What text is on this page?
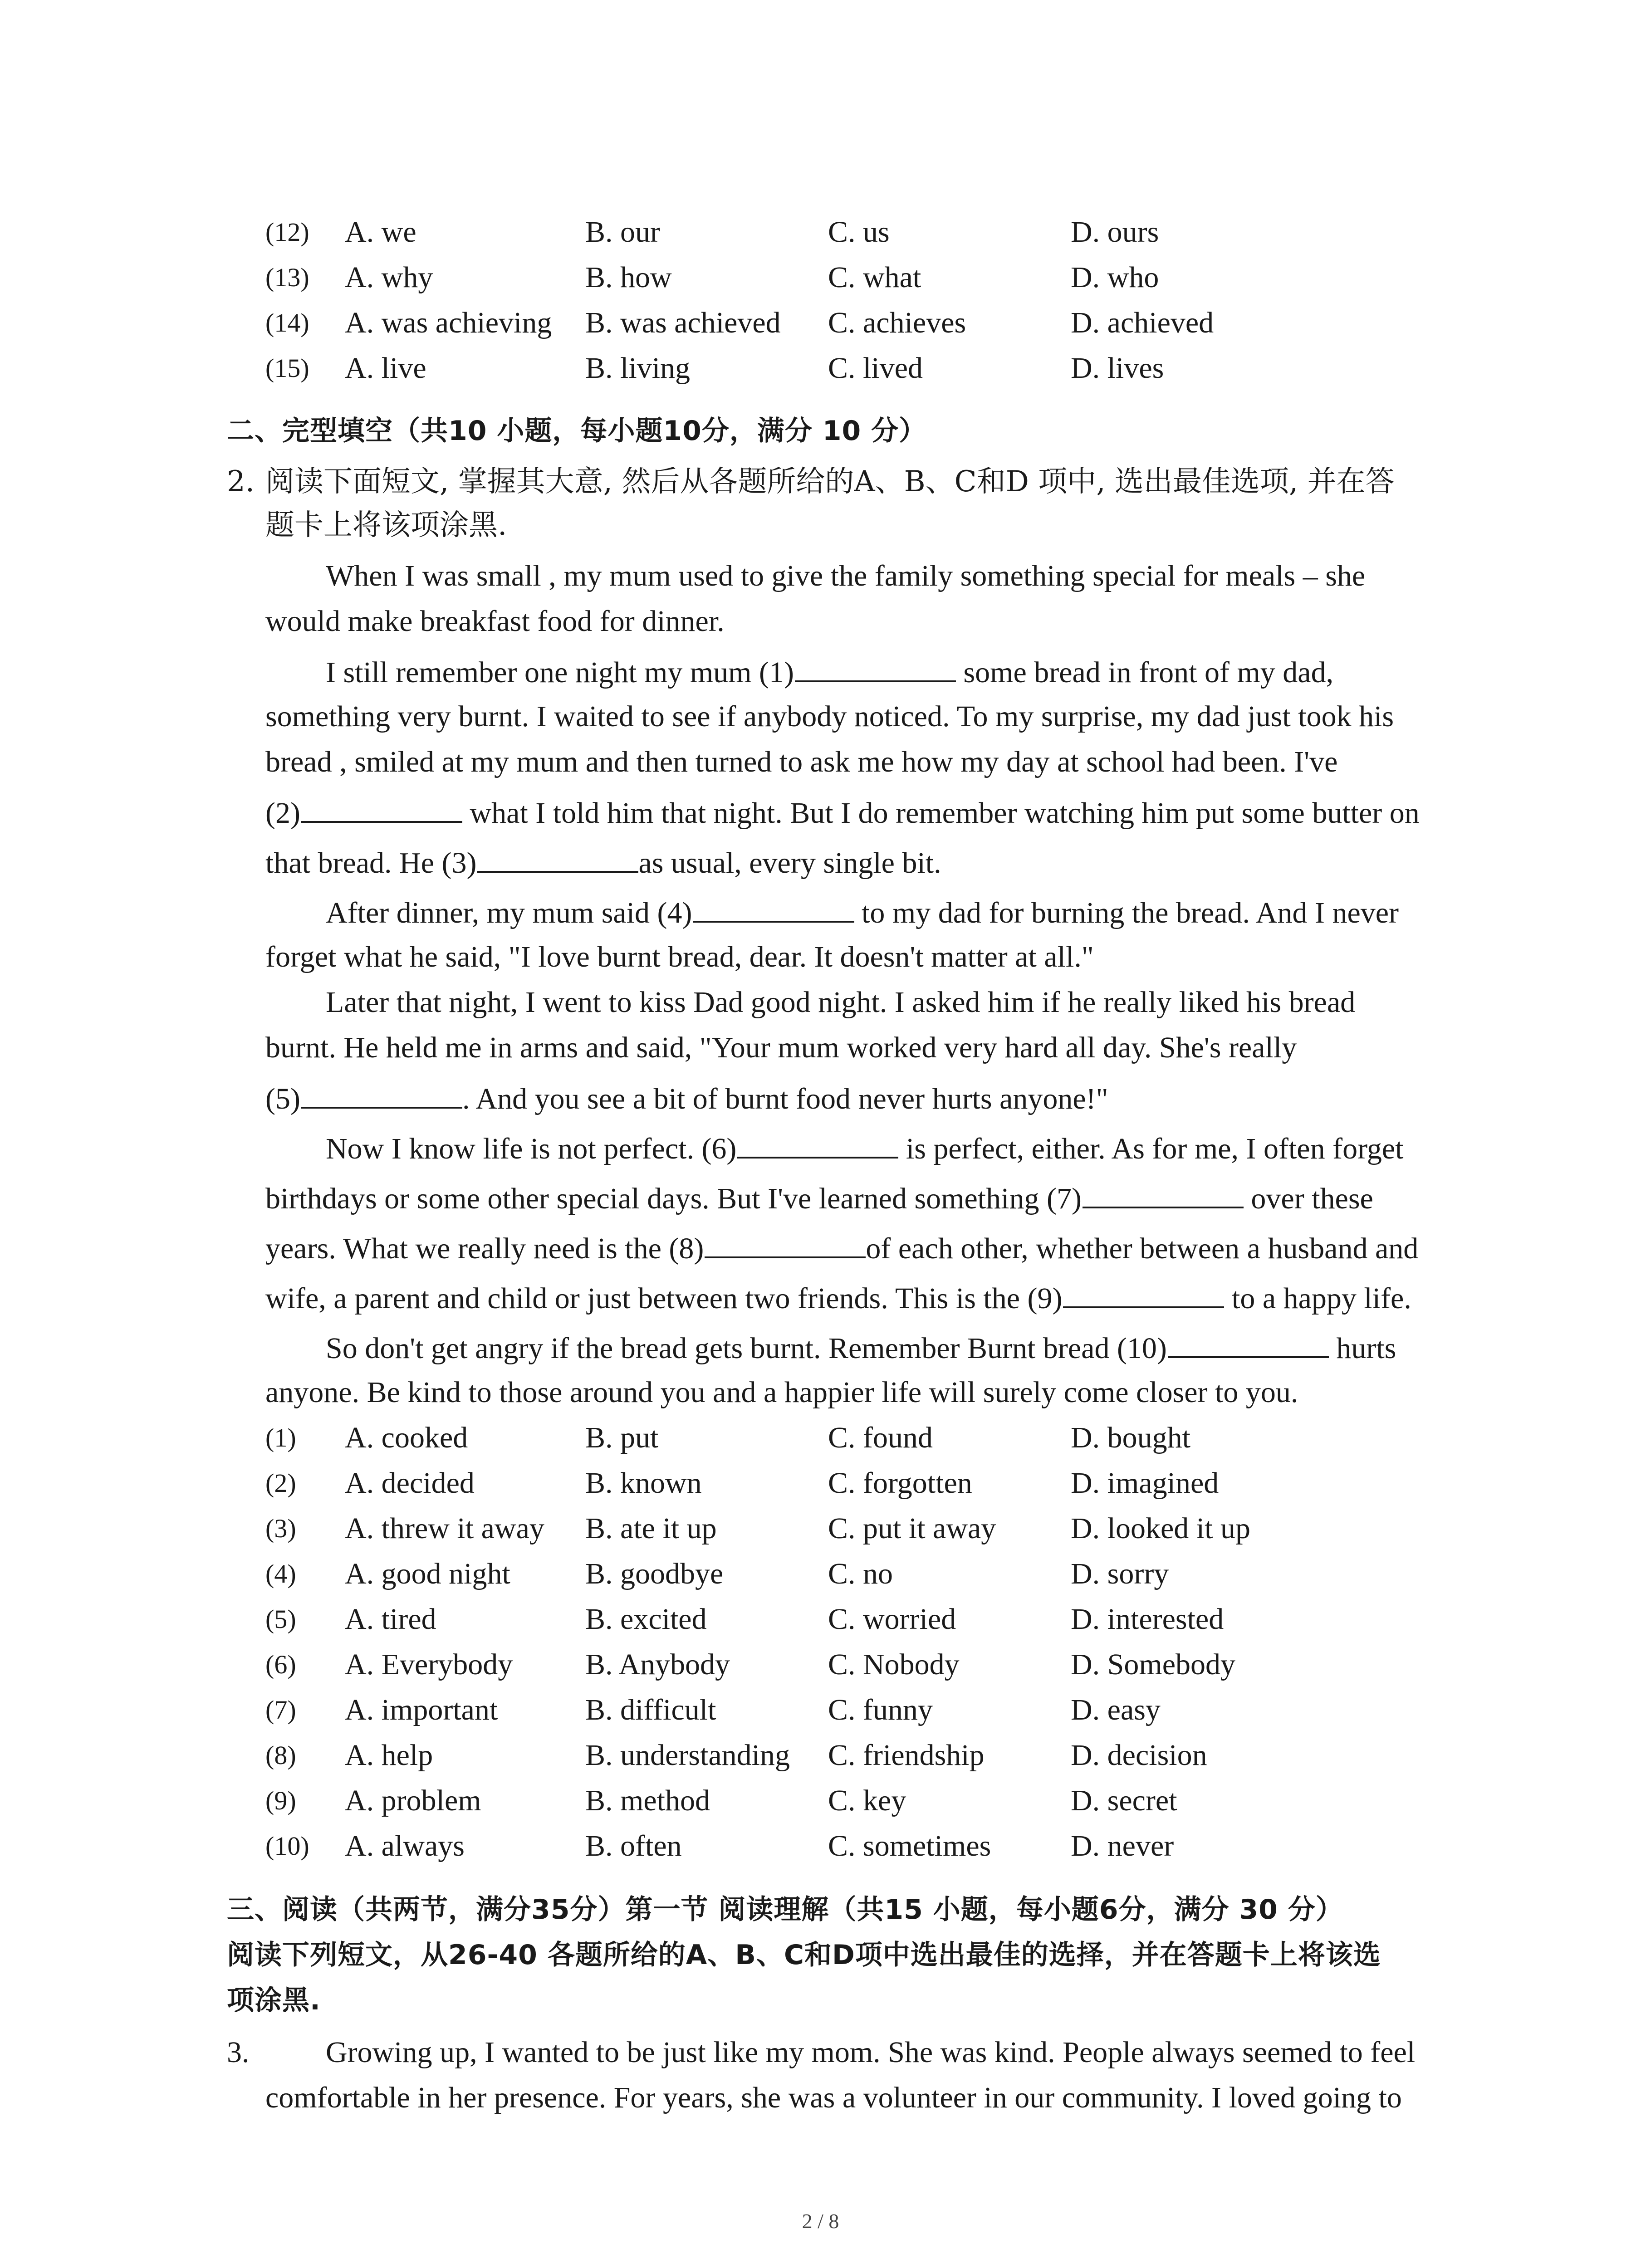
(12) A. we	B. our	C. us	D. ours
(13) A. why	B. how	C. what	D. who
(14) A. was achieving B. was achieved C. achieves	D. achieved
(15) A. live	B. living	C. lived	D. lives
二、完型填空（共10 小题，每小题10分，满分 10 分）
2. 阅读下面短文, 掌握其大意, 然后从各题所给的A、B、C和D 项中, 选出最佳选项, 并在答
题卡上将该项涂黑.
When I was small , my mum used to give the family something special for meals – she
would make breakfast food for dinner.
I still remember one night my mum (1)	some bread in front of my dad,
something very burnt. I waited to see if anybody noticed. To my surprise, my dad just took his
bread , smiled at my mum and then turned to ask me how my day at school had been. I've
(2)	what I told him that night. But I do remember watching him put some butter on
that bread. He (3)	as usual, every single bit.
After dinner, my mum said (4)	to my dad for burning the bread. And I never
forget what he said, "I love burnt bread, dear. It doesn't matter at all."
Later that night, I went to kiss Dad good night. I asked him if he really liked his bread
burnt. He held me in arms and said, "Your mum worked very hard all day. She's really
(5)	. And you see a bit of burnt food never hurts anyone!"
Now I know life is not perfect. (6)	is perfect, either. As for me, I often forget
birthdays or some other special days. But I've learned something (7)	over these
years. What we really need is the (8)	of each other, whether between a husband and
wife, a parent and child or just between two friends. This is the (9)	to a happy life.
So don't get angry if the bread gets burnt. Remember Burnt bread (10)	hurts
anyone. Be kind to those around you and a happier life will surely come closer to you.
(1) A. cooked	B. put	C. found	D. bought
(2) A. decided	B. known	C. forgotten	D. imagined
(3) A. threw it away B. ate it up	C. put it away D. looked it up
(4) A. good night	B. goodbye	C. no	D. sorry
(5) A. tired	B. excited	C. worried	D. interested
(6) A. Everybody B. Anybody	C. Nobody	D. Somebody
(7) A. important	B. difficult	C. funny	D. easy
(8) A. help	B. understanding C. friendship	D. decision
(9) A. problem	B. method	C. key	D. secret
(10) A. always	B. often	C. sometimes	D. never
三、阅读（共两节，满分35分）第一节 阅读理解（共15 小题，每小题6分，满分 30 分）
阅读下列短文，从26-40 各题所给的A、B、C和D项中选出最佳的选择，并在答题卡上将该选
项涂黑.
3.	Growing up, I wanted to be just like my mom. She was kind. People always seemed to feel
comfortable in her presence. For years, she was a volunteer in our community. I loved going to
2 / 8
